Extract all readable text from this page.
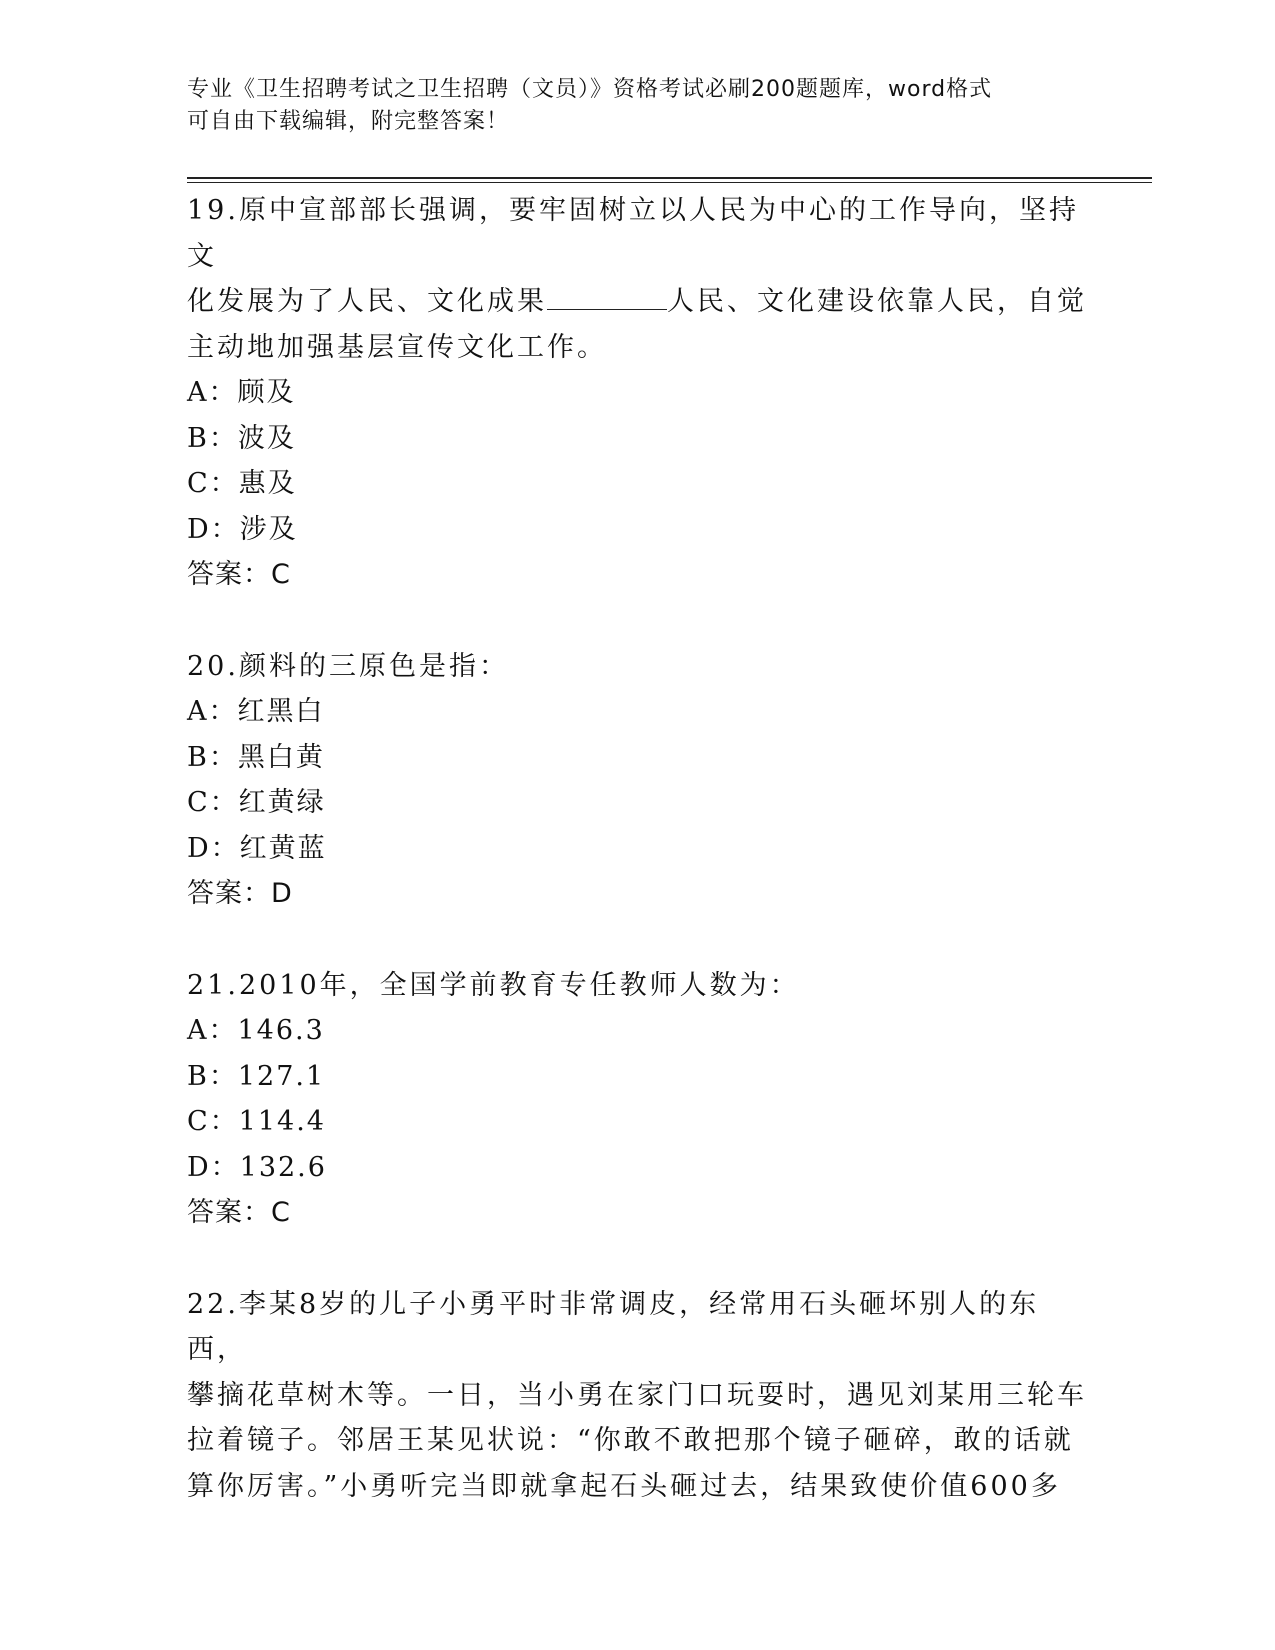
专业《卫生招聘考试之卫生招聘（文员）》资格考试必刷200题题库，word格式
可自由下载编辑，附完整答案！
19.原中宣部部长强调，要牢固树立以人民为中心的工作导向，坚持文
化发展为了人民、文化成果	人民、文化建设依靠人民，自觉
主动地加强基层宣传文化工作。
A：顾及
B：波及
C：惠及
D：涉及
答案：C
20.颜料的三原色是指：
A：红黑白
B：黑白黄
C：红黄绿
D：红黄蓝
答案：D
21.2010年，全国学前教育专任教师人数为：
A：146.3
B：127.1
C：114.4
D：132.6
答案：C
22.李某8岁的儿子小勇平时非常调皮，经常用石头砸坏别人的东西，
攀摘花草树木等。一日，当小勇在家门口玩耍时，遇见刘某用三轮车
拉着镜子。邻居王某见状说：“你敢不敢把那个镜子砸碎，敢的话就
算你厉害。”小勇听完当即就拿起石头砸过去，结果致使价值600多
